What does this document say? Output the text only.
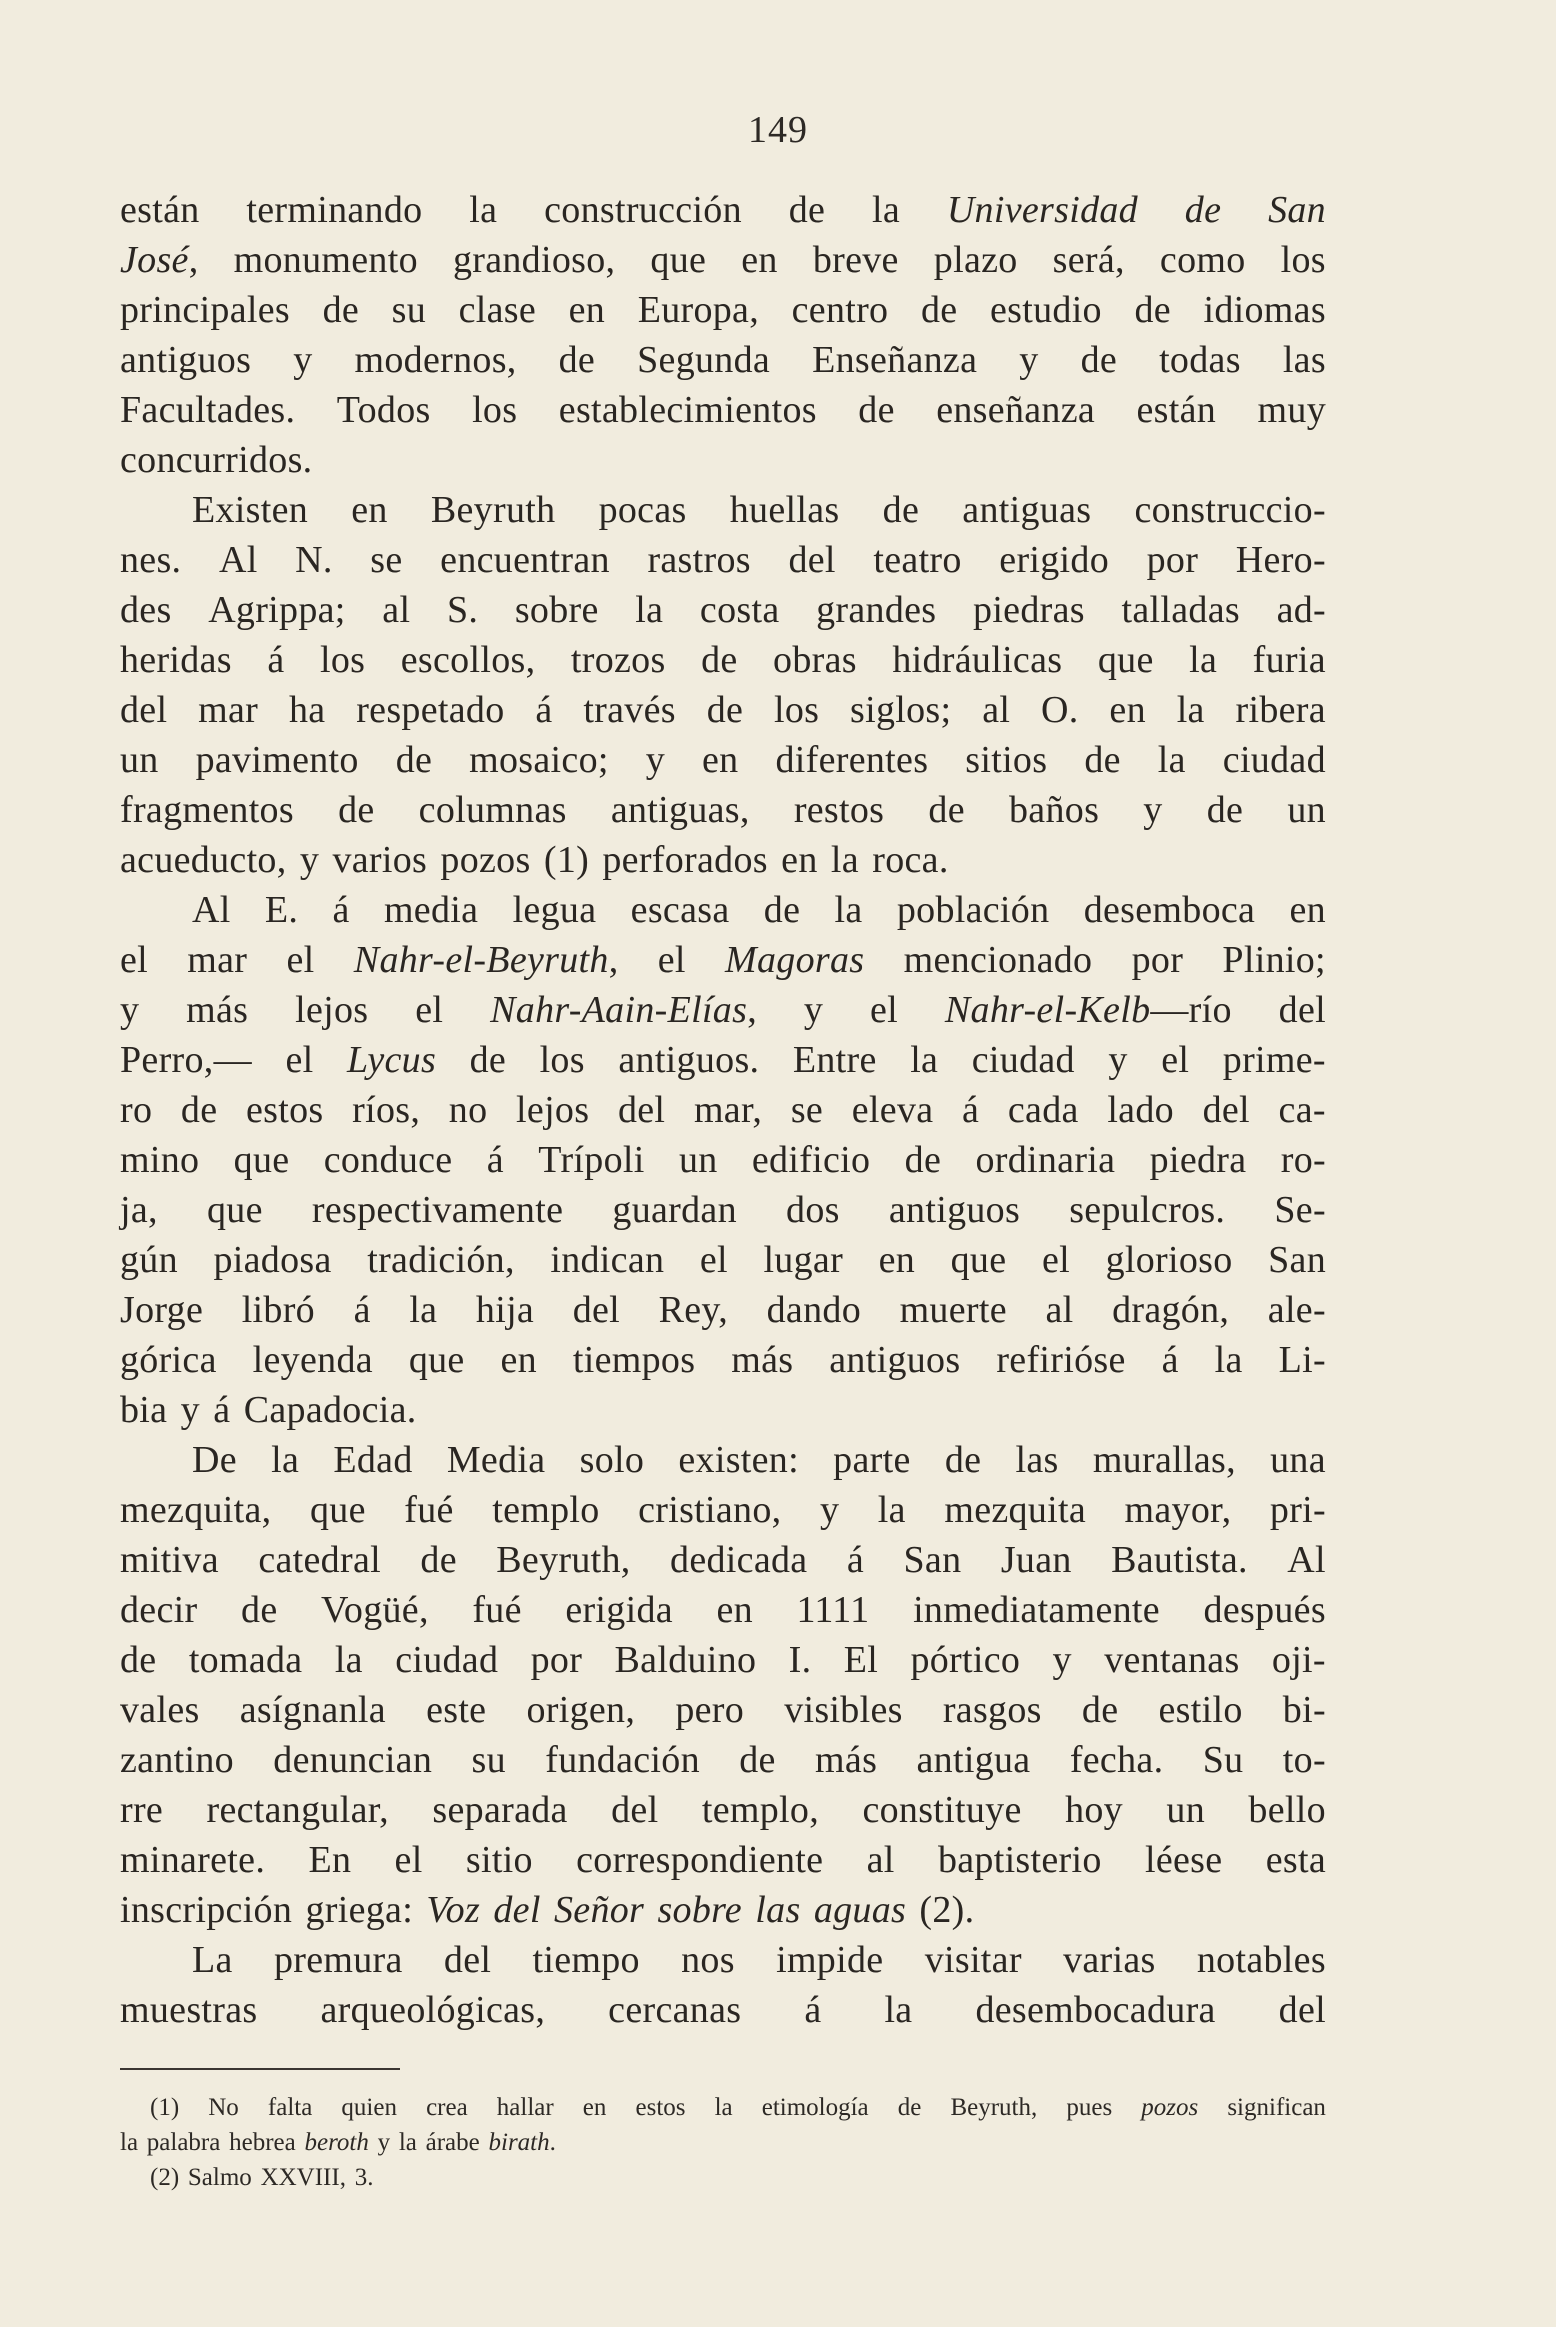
149
están terminando la construcción de la Universidad de San
José, monumento grandioso, que en breve plazo será, como los
principales de su clase en Europa, centro de estudio de idiomas
antiguos y modernos, de Segunda Enseñanza y de todas las
Facultades. Todos los establecimientos de enseñanza están muy
concurridos.
Existen en Beyruth pocas huellas de antiguas construccio-
nes. Al N. se encuentran rastros del teatro erigido por Hero-
des Agrippa; al S. sobre la costa grandes piedras talladas ad-
heridas á los escollos, trozos de obras hidráulicas que la furia
del mar ha respetado á través de los siglos; al O. en la ribera
un pavimento de mosaico; y en diferentes sitios de la ciudad
fragmentos de columnas antiguas, restos de baños y de un
acueducto, y varios pozos (1) perforados en la roca.
Al E. á media legua escasa de la población desemboca en
el mar el Nahr-el-Beyruth, el Magoras mencionado por Plinio;
y más lejos el Nahr-Aain-Elías, y el Nahr-el-Kelb—río del
Perro,— el Lycus de los antiguos. Entre la ciudad y el prime-
ro de estos ríos, no lejos del mar, se eleva á cada lado del ca-
mino que conduce á Trípoli un edificio de ordinaria piedra ro-
ja, que respectivamente guardan dos antiguos sepulcros. Se-
gún piadosa tradición, indican el lugar en que el glorioso San
Jorge libró á la hija del Rey, dando muerte al dragón, ale-
górica leyenda que en tiempos más antiguos refirióse á la Li-
bia y á Capadocia.
De la Edad Media solo existen: parte de las murallas, una
mezquita, que fué templo cristiano, y la mezquita mayor, pri-
mitiva catedral de Beyruth, dedicada á San Juan Bautista. Al
decir de Vogüé, fué erigida en 1111 inmediatamente después
de tomada la ciudad por Balduino I. El pórtico y ventanas oji-
vales asígnanla este origen, pero visibles rasgos de estilo bi-
zantino denuncian su fundación de más antigua fecha. Su to-
rre rectangular, separada del templo, constituye hoy un bello
minarete. En el sitio correspondiente al baptisterio léese esta
inscripción griega: Voz del Señor sobre las aguas (2).
La premura del tiempo nos impide visitar varias notables
muestras arqueológicas, cercanas á la desembocadura del
(1) No falta quien crea hallar en estos la etimología de Beyruth, pues pozos significan
la palabra hebrea beroth y la árabe birath.
(2) Salmo XXVIII, 3.
